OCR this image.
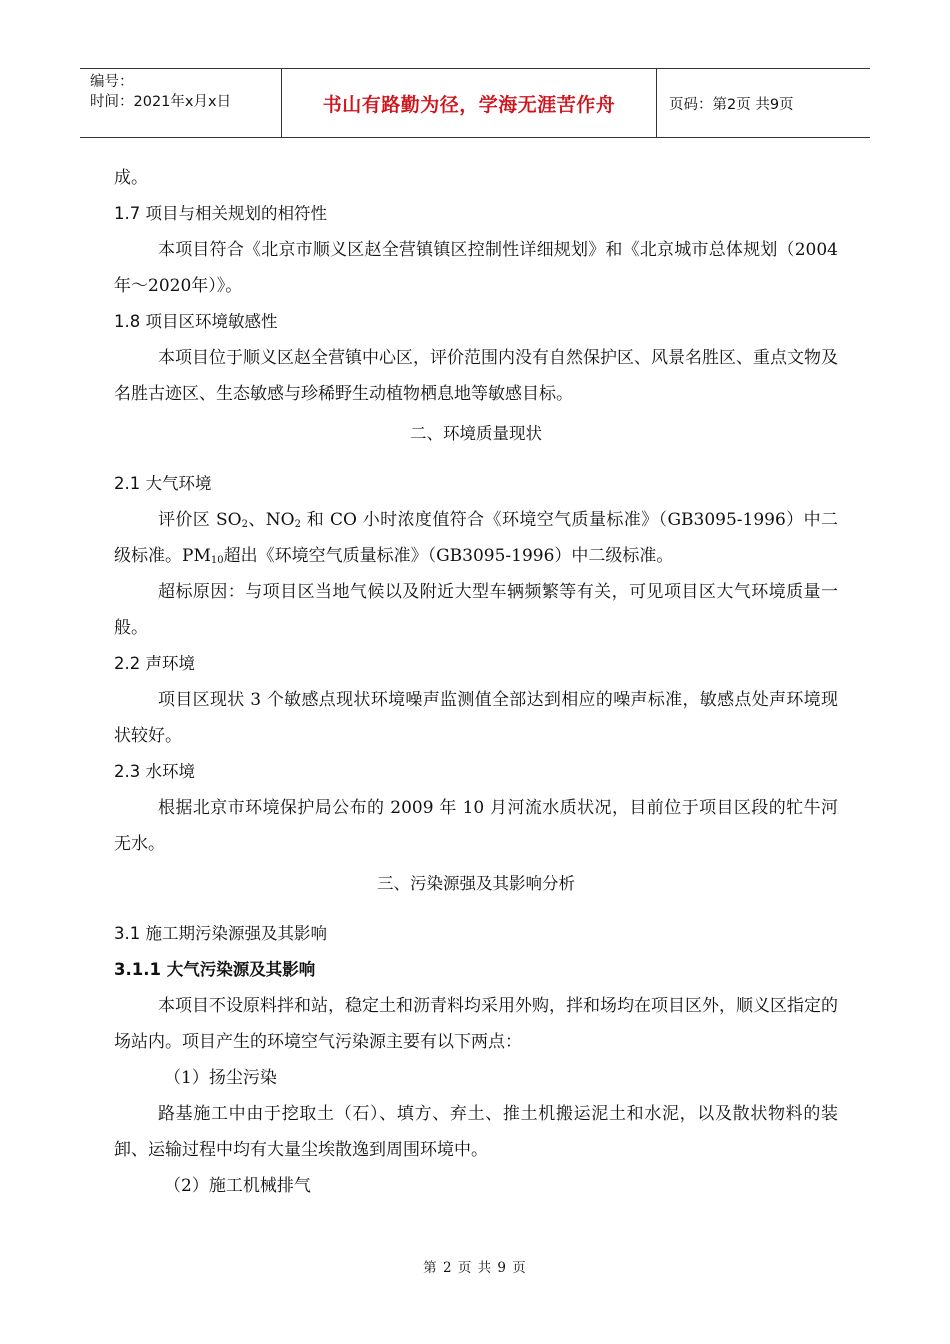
编号：
时间：2021年x月x日	书山有路勤为径，学海无涯苦作舟	页码：第2页 共9页

成。

1.7 项目与相关规划的相符性

本项目符合《北京市顺义区赵全营镇镇区控制性详细规划》和《北京城市总体规划（2004年～2020年）》。

1.8 项目区环境敏感性

本项目位于顺义区赵全营镇中心区，评价范围内没有自然保护区、风景名胜区、重点文物及名胜古迹区、生态敏感与珍稀野生动植物栖息地等敏感目标。

二、环境质量现状

2.1 大气环境

评价区 $SO_2$、$NO_2$ 和 CO 小时浓度值符合《环境空气质量标准》（GB3095-1996）中二级标准。$PM_{10}$超出《环境空气质量标准》（GB3095-1996）中二级标准。

超标原因：与项目区当地气候以及附近大型车辆频繁等有关，可见项目区大气环境质量一般。

2.2 声环境

项目区现状 3 个敏感点现状环境噪声监测值全部达到相应的噪声标准，敏感点处声环境现状较好。

2.3 水环境

根据北京市环境保护局公布的 2009 年 10 月河流水质状况，目前位于项目区段的牤牛河无水。

三、污染源强及其影响分析

3.1 施工期污染源强及其影响

3.1.1 大气污染源及其影响

本项目不设原料拌和站，稳定土和沥青料均采用外购，拌和场均在项目区外，顺义区指定的场站内。项目产生的环境空气污染源主要有以下两点：

（1）扬尘污染

路基施工中由于挖取土（石）、填方、弃土、推土机搬运泥土和水泥，以及散状物料的装卸、运输过程中均有大量尘埃散逸到周围环境中。

（2）施工机械排气

第 2 页 共 9 页
